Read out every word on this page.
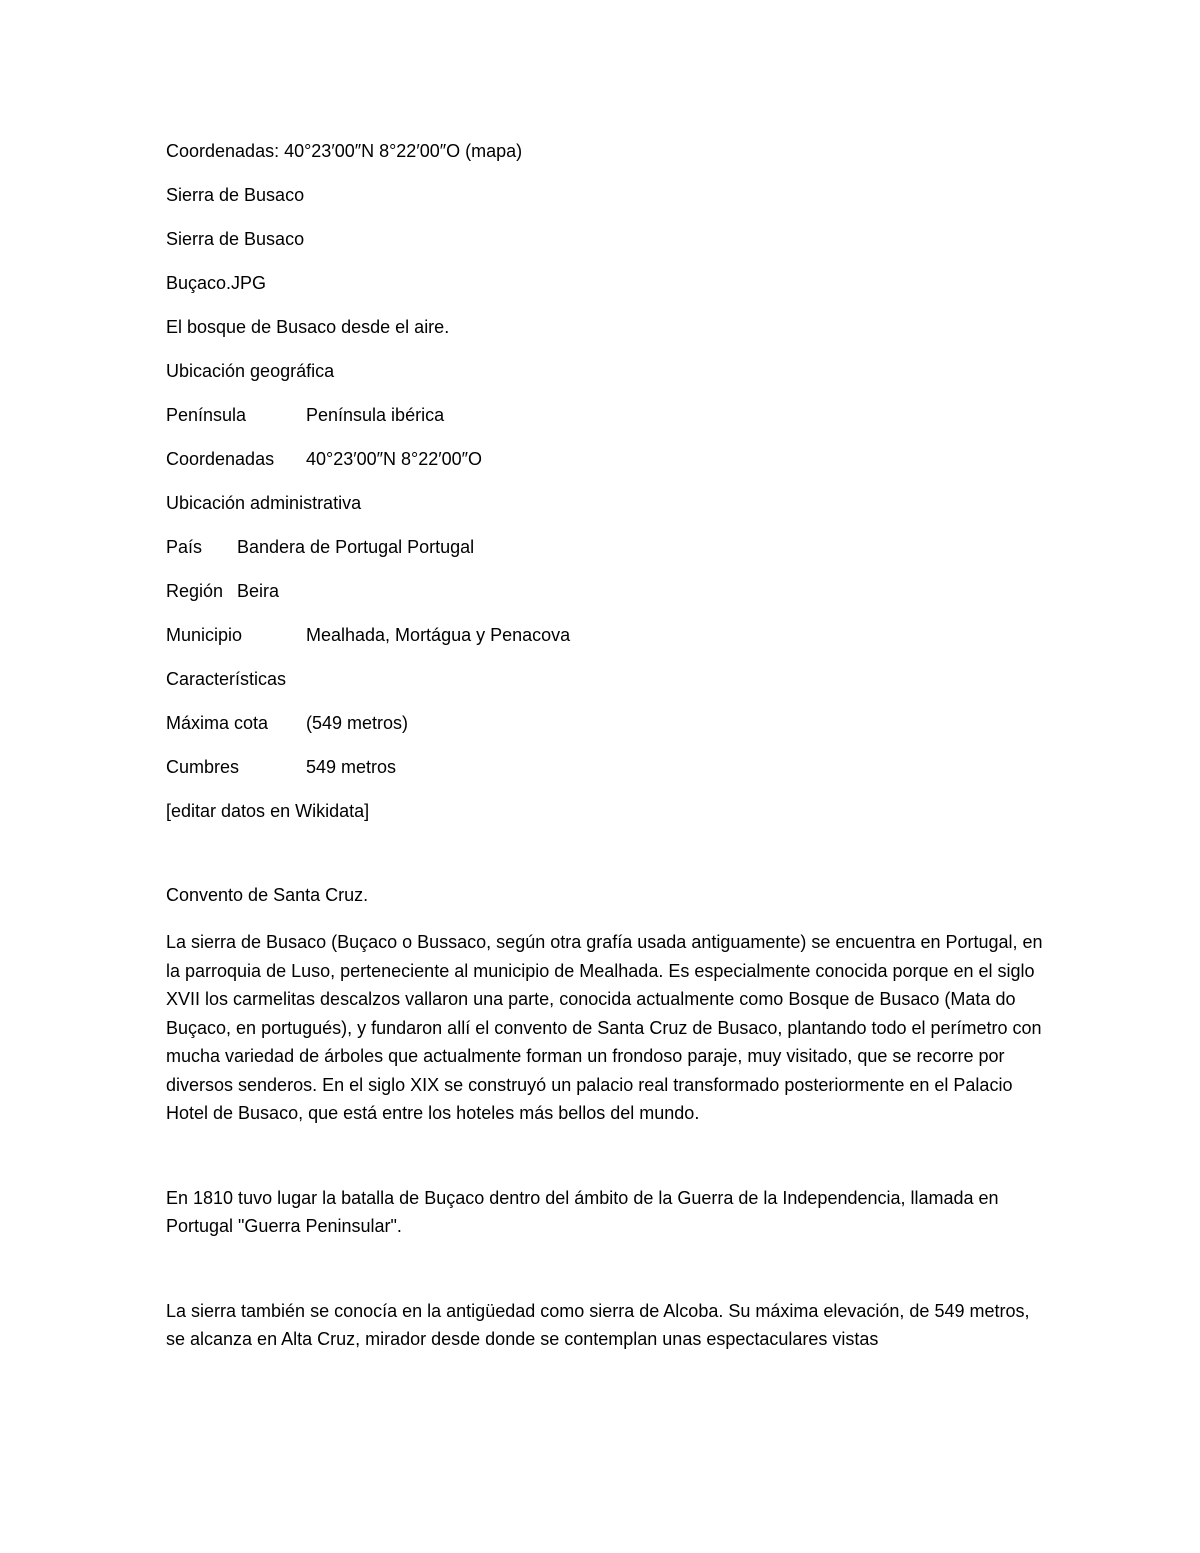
Coordenadas: 40°23′00″N 8°22′00″O (mapa)
Sierra de Busaco
Sierra de Busaco
Buçaco.JPG
El bosque de Busaco desde el aire.
Ubicación geográfica
Península	Península ibérica
Coordenadas	40°23′00″N 8°22′00″O
Ubicación administrativa
País	Bandera de Portugal Portugal
Región Beira
Municipio	Mealhada, Mortágua y Penacova
Características
Máxima cota	(549 metros)
Cumbres	549 metros
[editar datos en Wikidata]
Convento de Santa Cruz.

La sierra de Busaco (Buçaco o Bussaco, según otra grafía usada antiguamente) se encuentra en Portugal, en la parroquia de Luso, perteneciente al municipio de Mealhada. Es especialmente conocida porque en el siglo XVII los carmelitas descalzos vallaron una parte, conocida actualmente como Bosque de Busaco (Mata do Buçaco, en portugués), y fundaron allí el convento de Santa Cruz de Busaco, plantando todo el perímetro con mucha variedad de árboles que actualmente forman un frondoso paraje, muy visitado, que se recorre por diversos senderos. En el siglo XIX se construyó un palacio real transformado posteriormente en el Palacio Hotel de Busaco, que está entre los hoteles más bellos del mundo.

En 1810 tuvo lugar la batalla de Buçaco dentro del ámbito de la Guerra de la Independencia, llamada en Portugal "Guerra Peninsular".

La sierra también se conocía en la antigüedad como sierra de Alcoba. Su máxima elevación, de 549 metros, se alcanza en Alta Cruz, mirador desde donde se contemplan unas espectaculares vistas
